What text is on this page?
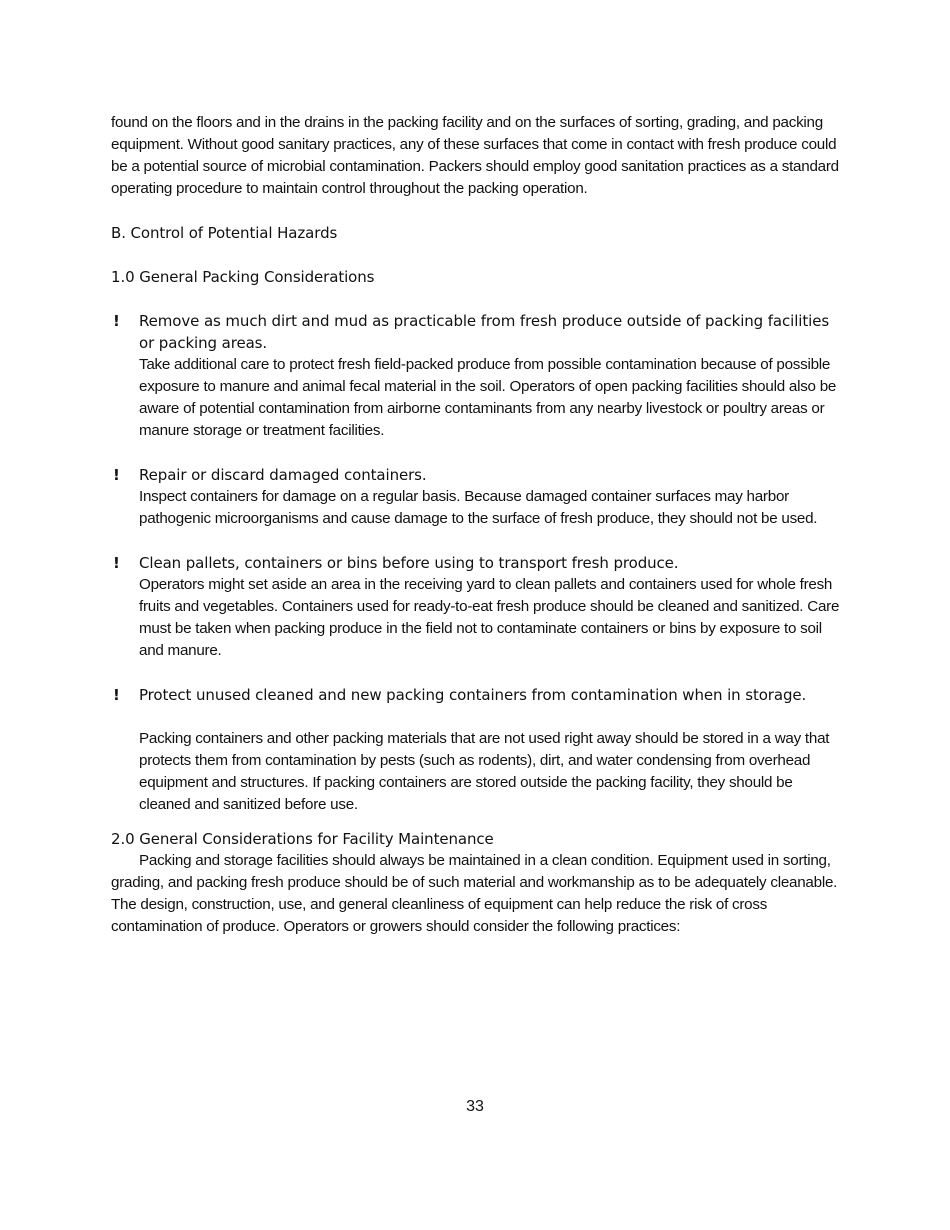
found on the floors and in the drains in the packing facility and on the surfaces of sorting, grading, and packing equipment. Without good sanitary practices, any of these surfaces that come in contact with fresh produce could be a potential source of microbial contamination. Packers should employ good sanitation practices as a standard operating procedure to maintain control throughout the packing operation.

B. Control of Potential Hazards

1.0 General Packing Considerations

! Remove as much dirt and mud as practicable from fresh produce outside of packing facilities or packing areas.

Take additional care to protect fresh field-packed produce from possible contamination because of possible exposure to manure and animal fecal material in the soil. Operators of open packing facilities should also be aware of potential contamination from airborne contaminants from any nearby livestock or poultry areas or manure storage or treatment facilities.

! Repair or discard damaged containers.

Inspect containers for damage on a regular basis. Because damaged container surfaces may harbor pathogenic microorganisms and cause damage to the surface of fresh produce, they should not be used.

! Clean pallets, containers or bins before using to transport fresh produce.

Operators might set aside an area in the receiving yard to clean pallets and containers used for whole fresh fruits and vegetables. Containers used for ready-to-eat fresh produce should be cleaned and sanitized. Care must be taken when packing produce in the field not to contaminate containers or bins by exposure to soil and manure.

! Protect unused cleaned and new packing containers from contamination when in storage.

Packing containers and other packing materials that are not used right away should be stored in a way that protects them from contamination by pests (such as rodents), dirt, and water condensing from overhead equipment and structures. If packing containers are stored outside the packing facility, they should be cleaned and sanitized before use.

2.0 General Considerations for Facility Maintenance

Packing and storage facilities should always be maintained in a clean condition. Equipment used in sorting, grading, and packing fresh produce should be of such material and workmanship as to be adequately cleanable. The design, construction, use, and general cleanliness of equipment can help reduce the risk of cross contamination of produce. Operators or growers should consider the following practices:

33
